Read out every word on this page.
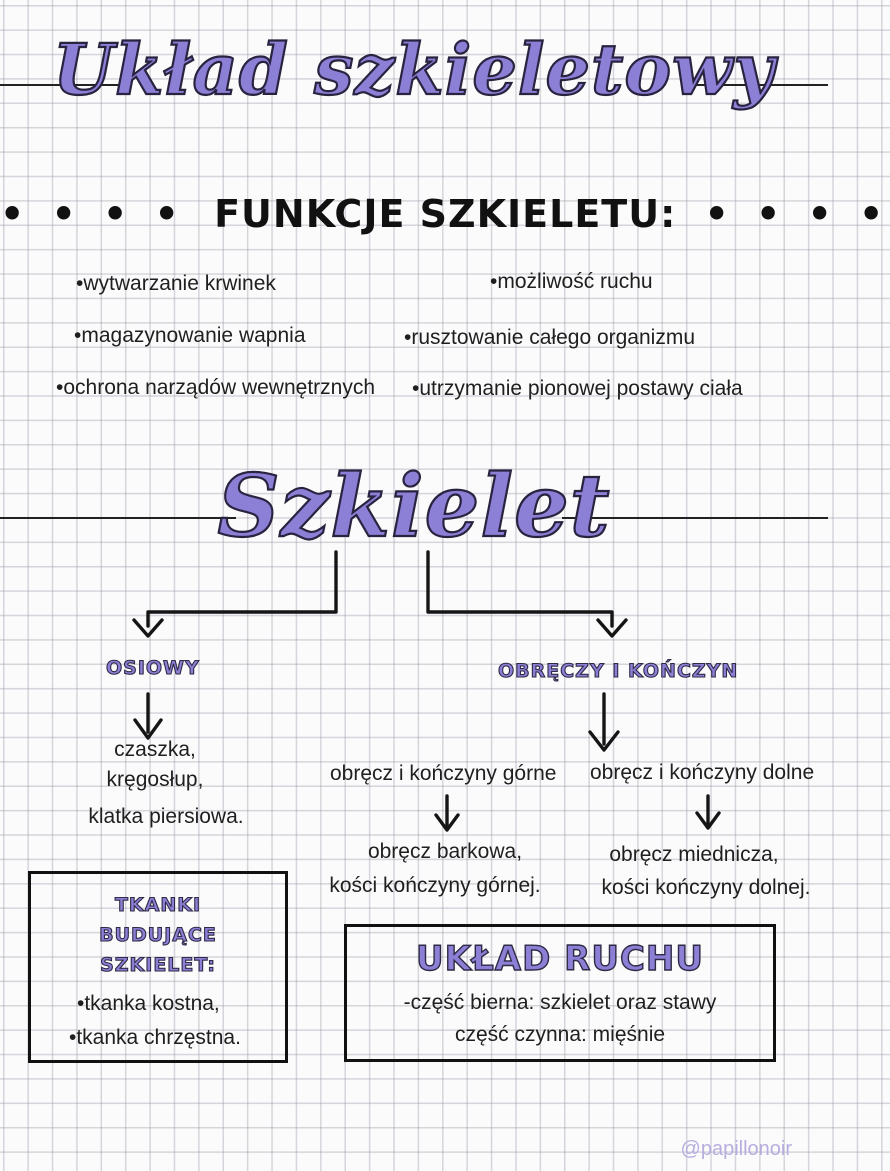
Układ szkieletowy
• • • • FUNKCJE SZKIELETU: • • • •
•wytwarzanie krwinek
•magazynowanie wapnia
•ochrona narządów wewnętrznych
•możliwość ruchu
•rusztowanie całego organizmu
•utrzymanie pionowej postawy ciała
Szkielet
OSIOWY
czaszka,
kręgosłup,
klatka piersiowa.
OBRĘCZY I KOŃCZYN
obręcz i kończyny górne obręcz i kończyny dolne
obręcz barkowa,
kości kończyny górnej.
obręcz miednicza,
kości kończyny dolnej.
TKANKI
BUDUJĄCE
SZKIELET:
•tkanka kostna,
•tkanka chrzęstna.
UKŁAD RUCHU
-część bierna: szkielet oraz stawy
część czynna: mięśnie
@papillonoir
